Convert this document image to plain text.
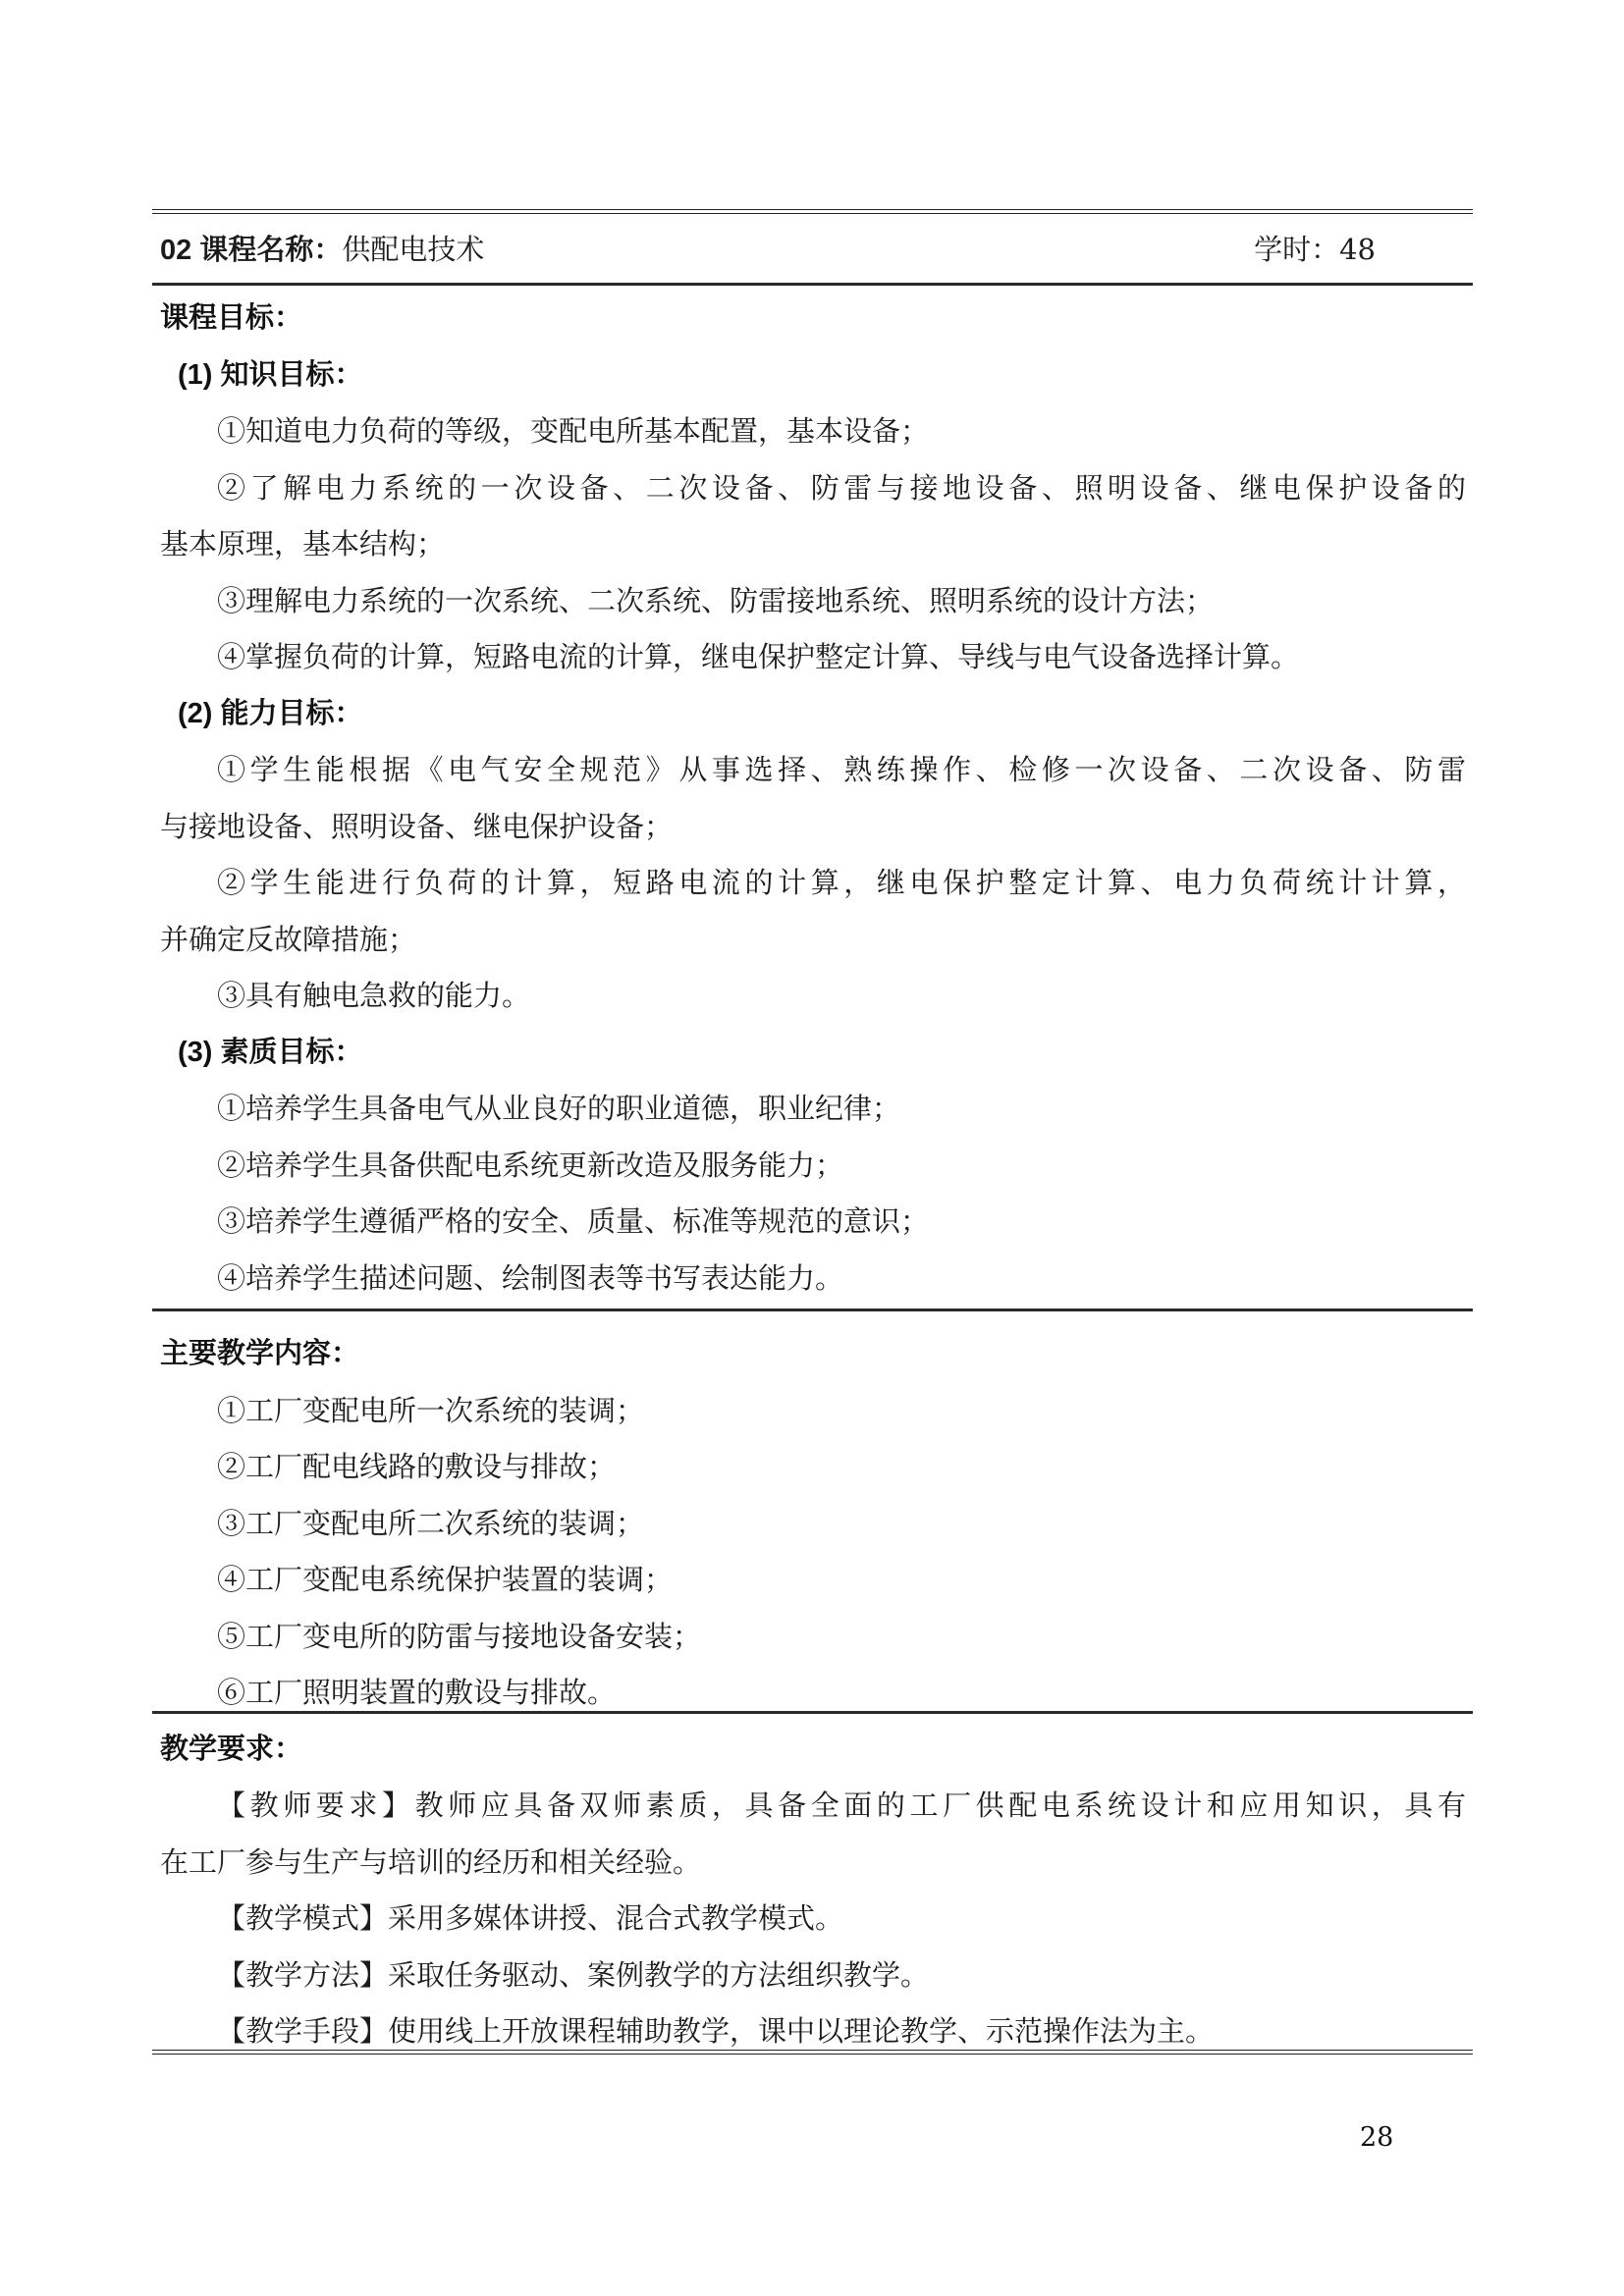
02 课程名称：供配电技术	学时：48

课程目标：

(1) 知识目标：

①知道电力负荷的等级，变配电所基本配置，基本设备；
②了解电力系统的一次设备、二次设备、防雷与接地设备、照明设备、继电保护设备的
基本原理，基本结构；
③理解电力系统的一次系统、二次系统、防雷接地系统、照明系统的设计方法；
④掌握负荷的计算，短路电流的计算，继电保护整定计算、导线与电气设备选择计算。

(2) 能力目标：

①学生能根据《电气安全规范》从事选择、熟练操作、检修一次设备、二次设备、防雷
与接地设备、照明设备、继电保护设备；
②学生能进行负荷的计算，短路电流的计算，继电保护整定计算、电力负荷统计计算，
并确定反故障措施；
③具有触电急救的能力。

(3) 素质目标：

①培养学生具备电气从业良好的职业道德，职业纪律；
②培养学生具备供配电系统更新改造及服务能力；
③培养学生遵循严格的安全、质量、标准等规范的意识；
④培养学生描述问题、绘制图表等书写表达能力。

主要教学内容：

①工厂变配电所一次系统的装调；
②工厂配电线路的敷设与排故；
③工厂变配电所二次系统的装调；
④工厂变配电系统保护装置的装调；
⑤工厂变电所的防雷与接地设备安装；
⑥工厂照明装置的敷设与排故。

教学要求：

【教师要求】教师应具备双师素质，具备全面的工厂供配电系统设计和应用知识，具有
在工厂参与生产与培训的经历和相关经验。
【教学模式】采用多媒体讲授、混合式教学模式。
【教学方法】采取任务驱动、案例教学的方法组织教学。
【教学手段】使用线上开放课程辅助教学，课中以理论教学、示范操作法为主。
28
